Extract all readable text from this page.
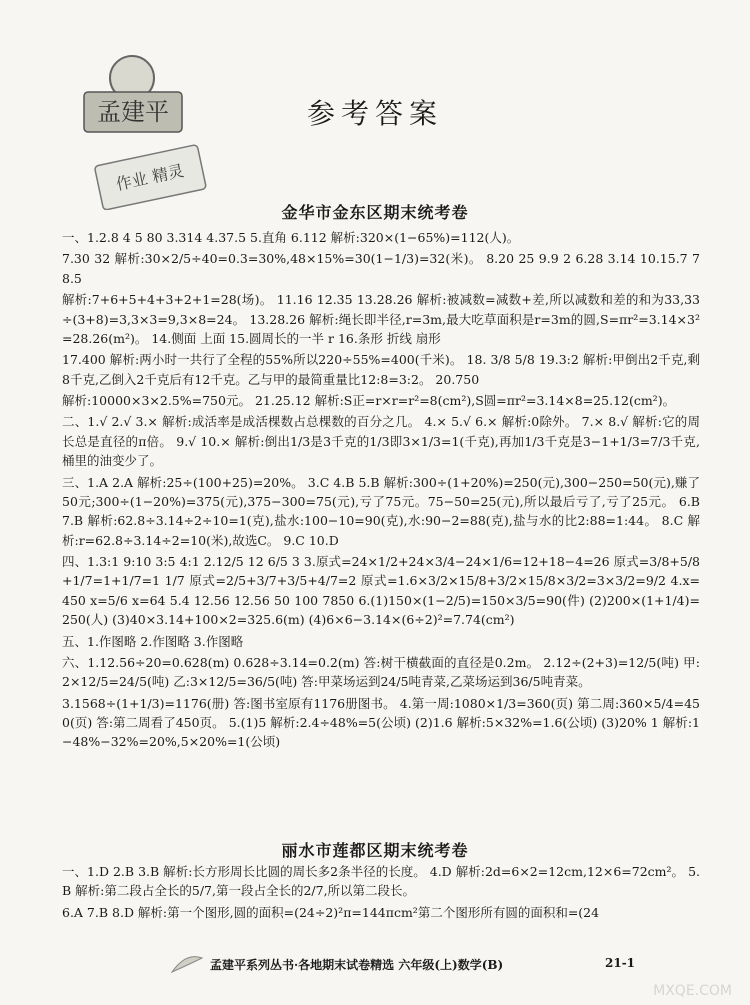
孟建平
作业 精灵
参考答案
金华市金东区期末统考卷

一、1.2.8 4 5 80 3.314 4.37.5 5.直角 6.112 解析:320×(1−65%)=112(人)。

7.30 32 解析:30×2/5÷40=0.3=30%,48×15%=30(1−1/3)=32(米)。 8.20 25 9.9 2 6.28 3.14 10.15.7 78.5

解析:7+6+5+4+3+2+1=28(场)。 11.16 12.35 13.28.26 解析:被减数=减数+差,所以减数和差的和为33,33÷(3+8)=3,3×3=9,3×8=24。 13.28.26 解析:绳长即半径,r=3m,最大吃草面积是r=3m的圆,S=πr²=3.14×3²=28.26(m²)。 14.侧面 上面 15.圆周长的一半 r 16.条形 折线 扇形

17.400 解析:两小时一共行了全程的55%所以220÷55%=400(千米)。 18. 3/8 5/8 19.3:2 解析:甲倒出2千克,剩8千克,乙倒入2千克后有12千克。乙与甲的最简重量比12:8=3:2。 20.750

解析:10000×3×2.5%=750元。 21.25.12 解析:S正=r×r=r²=8(cm²),S圆=πr²=3.14×8=25.12(cm²)。

二、1.√ 2.√ 3.× 解析:成活率是成活棵数占总棵数的百分之几。 4.× 5.√ 6.× 解析:0除外。 7.× 8.√ 解析:它的周长总是直径的π倍。 9.√ 10.× 解析:倒出1/3是3千克的1/3即3×1/3=1(千克),再加1/3千克是3−1+1/3=7/3千克,桶里的油变少了。

三、1.A 2.A 解析:25÷(100+25)=20%。 3.C 4.B 5.B 解析:300÷(1+20%)=250(元),300−250=50(元),赚了50元;300÷(1−20%)=375(元),375−300=75(元),亏了75元。75−50=25(元),所以最后亏了,亏了25元。 6.B 7.B 解析:62.8÷3.14÷2÷10=1(克),盐水:100−10=90(克),水:90−2=88(克),盐与水的比2:88=1:44。 8.C 解析:r=62.8÷3.14÷2=10(米),故选C。 9.C 10.D

四、1.3:1 9:10 3:5 4:1 2.12/5 12 6/5 3 3.原式=24×1/2+24×3/4−24×1/6=12+18−4=26 原式=3/8+5/8+1/7=1+1/7=1 1/7 原式=2/5+3/7+3/5+4/7=2 原式=1.6×3/2×15/8+3/2×15/8×3/2=3×3/2=9/2 4.x=450 x=5/6 x=64 5.4 12.56 12.56 50 100 7850 6.(1)150×(1−2/5)=150×3/5=90(件) (2)200×(1+1/4)=250(人) (3)40×3.14+100×2=325.6(m) (4)6×6−3.14×(6÷2)²=7.74(cm²)

五、1.作图略 2.作图略 3.作图略

六、1.12.56÷20=0.628(m) 0.628÷3.14=0.2(m) 答:树干横截面的直径是0.2m。 2.12÷(2+3)=12/5(吨) 甲:2×12/5=24/5(吨) 乙:3×12/5=36/5(吨) 答:甲菜场运到24/5吨青菜,乙菜场运到36/5吨青菜。

3.1568÷(1+1/3)=1176(册) 答:图书室原有1176册图书。 4.第一周:1080×1/3=360(页) 第二周:360×5/4=450(页) 答:第二周看了450页。 5.(1)5 解析:2.4÷48%=5(公顷) (2)1.6 解析:5×32%=1.6(公顷) (3)20% 1 解析:1−48%−32%=20%,5×20%=1(公顷)

丽水市莲都区期末统考卷

一、1.D 2.B 3.B 解析:长方形周长比圆的周长多2条半径的长度。 4.D 解析:2d=6×2=12cm,12×6=72cm²。 5.B 解析:第二段占全长的5/7,第一段占全长的2/7,所以第二段长。

6.A 7.B 8.D 解析:第一个图形,圆的面积=(24÷2)²π=144πcm²第二个图形所有圆的面积和=(24

孟建平系列丛书·各地期末试卷精选 六年级(上)数学(B)	21-1
MXQE.COM
